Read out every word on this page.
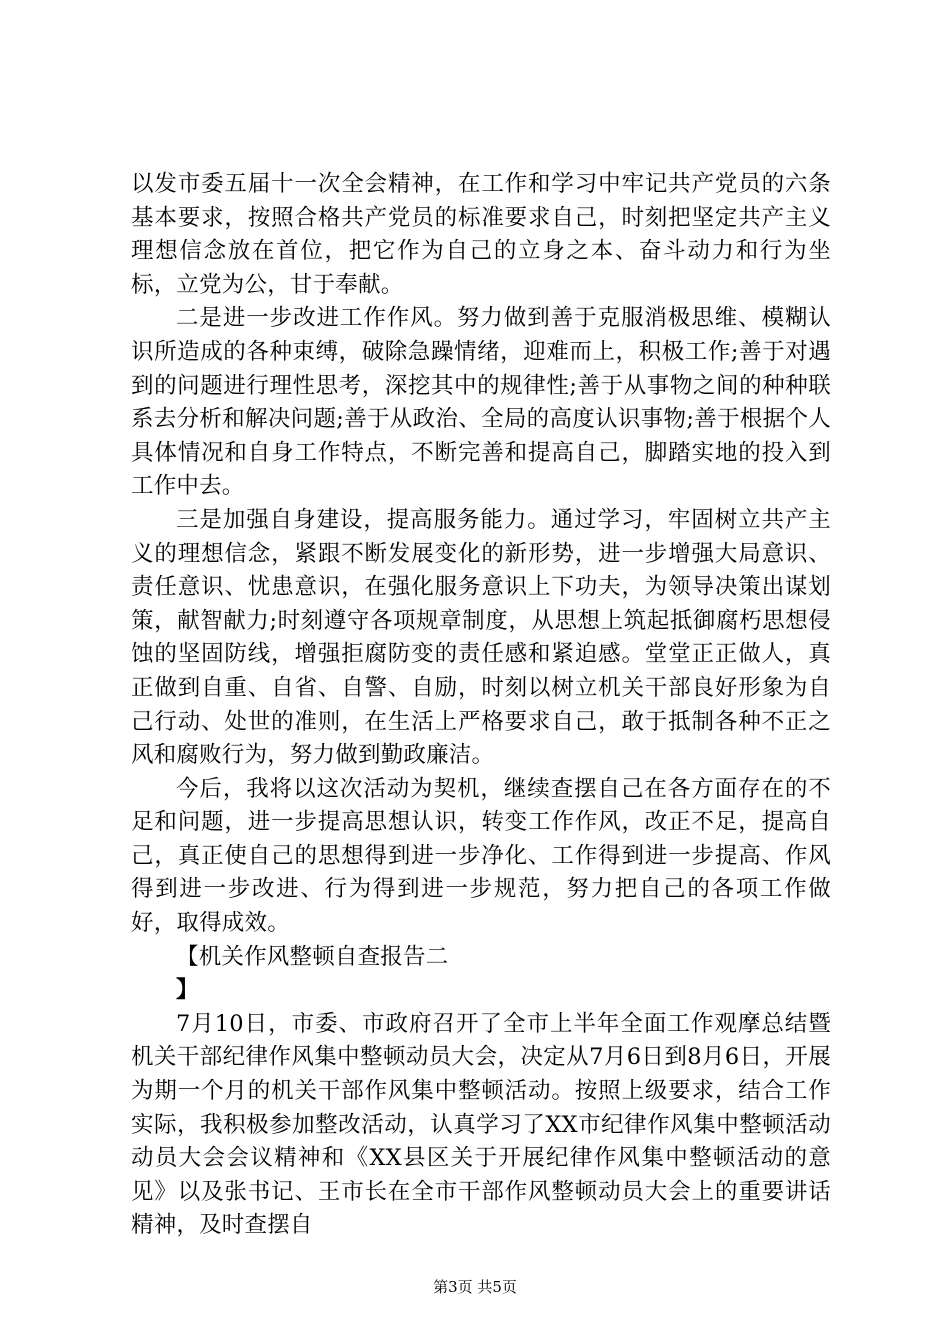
以发市委五届十一次全会精神，在工作和学习中牢记共产党员的六条基本要求，按照合格共产党员的标准要求自己，时刻把坚定共产主义理想信念放在首位，把它作为自己的立身之本、奋斗动力和行为坐标，立党为公，甘于奉献。

二是进一步改进工作作风。努力做到善于克服消极思维、模糊认识所造成的各种束缚，破除急躁情绪，迎难而上，积极工作;善于对遇到的问题进行理性思考，深挖其中的规律性;善于从事物之间的种种联系去分析和解决问题;善于从政治、全局的高度认识事物;善于根据个人具体情况和自身工作特点，不断完善和提高自己，脚踏实地的投入到工作中去。

三是加强自身建设，提高服务能力。通过学习，牢固树立共产主义的理想信念，紧跟不断发展变化的新形势，进一步增强大局意识、责任意识、忧患意识，在强化服务意识上下功夫，为领导决策出谋划策，献智献力;时刻遵守各项规章制度，从思想上筑起抵御腐朽思想侵蚀的坚固防线，增强拒腐防变的责任感和紧迫感。堂堂正正做人，真正做到自重、自省、自警、自励，时刻以树立机关干部良好形象为自己行动、处世的准则，在生活上严格要求自己，敢于抵制各种不正之风和腐败行为，努力做到勤政廉洁。

今后，我将以这次活动为契机，继续查摆自己在各方面存在的不足和问题，进一步提高思想认识，转变工作作风，改正不足，提高自己，真正使自己的思想得到进一步净化、工作得到进一步提高、作风得到进一步改进、行为得到进一步规范，努力把自己的各项工作做好，取得成效。

【机关作风整顿自查报告二

】

7月10日，市委、市政府召开了全市上半年全面工作观摩总结暨机关干部纪律作风集中整顿动员大会，决定从7月6日到8月6日，开展为期一个月的机关干部作风集中整顿活动。按照上级要求，结合工作实际，我积极参加整改活动，认真学习了XX市纪律作风集中整顿活动动员大会会议精神和《XX县区关于开展纪律作风集中整顿活动的意见》以及张书记、王市长在全市干部作风整顿动员大会上的重要讲话精神，及时查摆自

第3页 共5页
